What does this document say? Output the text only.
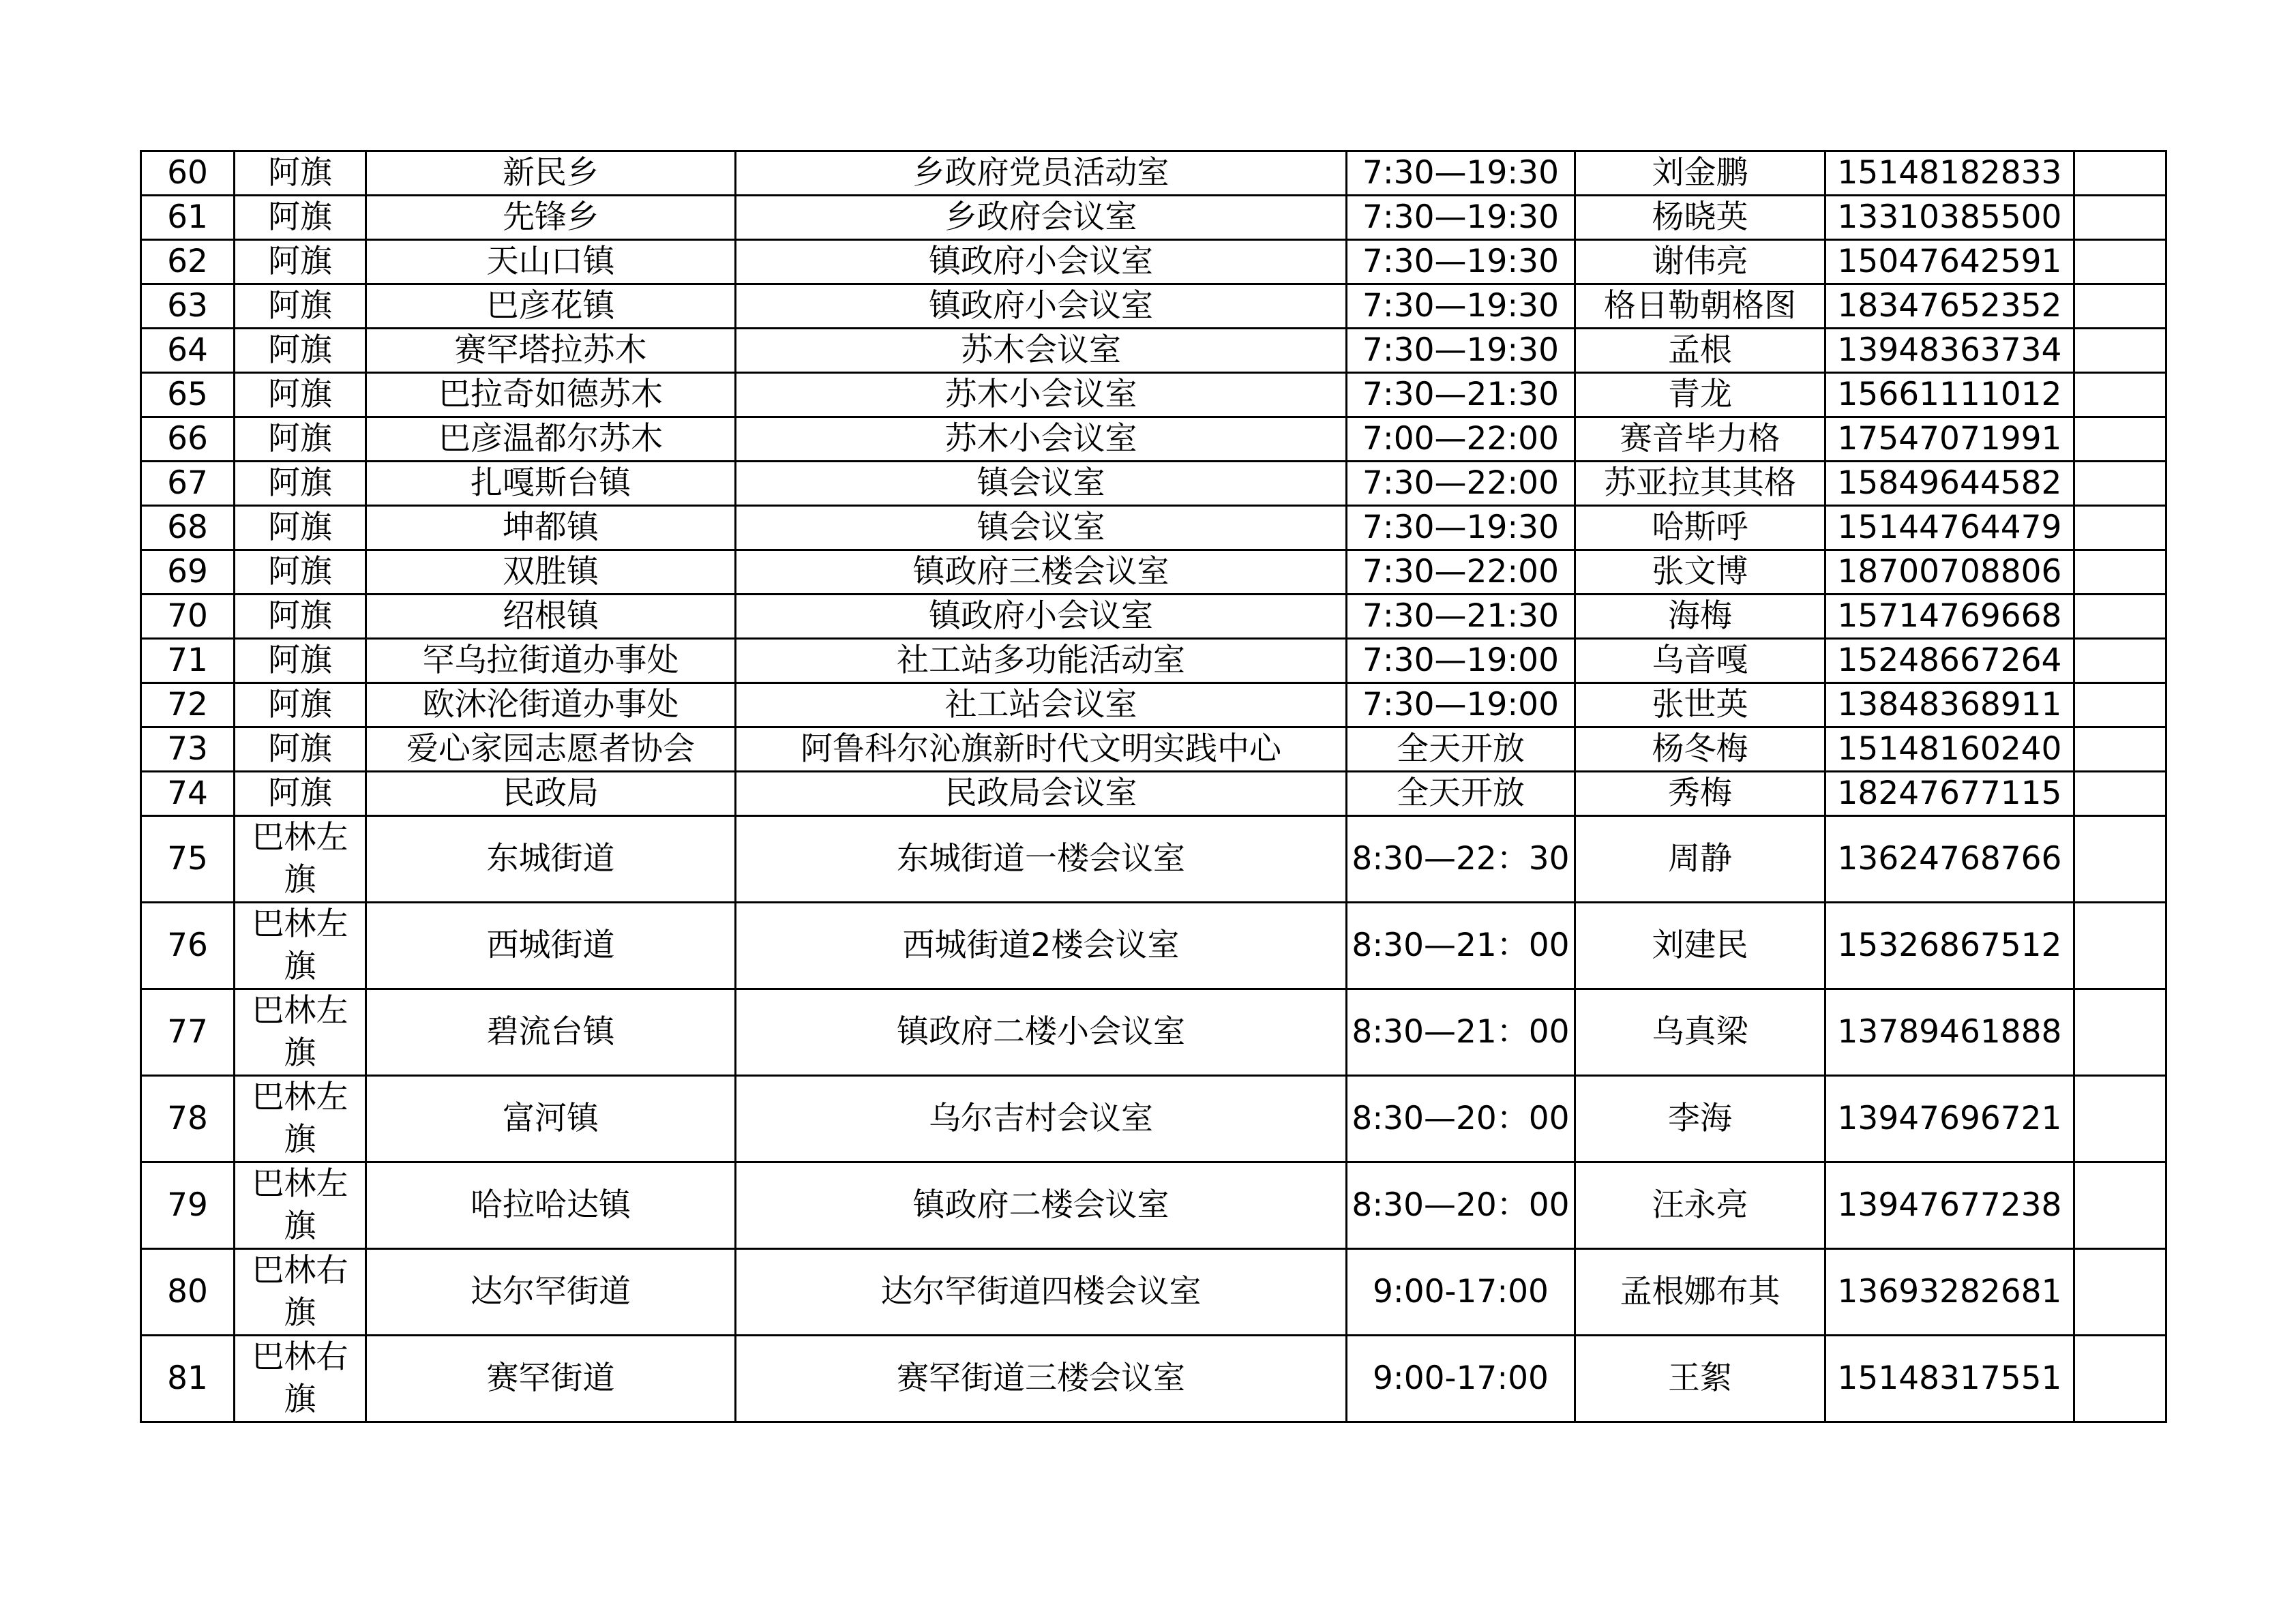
60	阿旗	新民乡	乡政府党员活动室	7:30—19:30	刘金鹏	15148182833	
61	阿旗	先锋乡	乡政府会议室	7:30—19:30	杨晓英	13310385500	
62	阿旗	天山口镇	镇政府小会议室	7:30—19:30	谢伟亮	15047642591	
63	阿旗	巴彦花镇	镇政府小会议室	7:30—19:30	格日勒朝格图	18347652352	
64	阿旗	赛罕塔拉苏木	苏木会议室	7:30—19:30	孟根	13948363734	
65	阿旗	巴拉奇如德苏木	苏木小会议室	7:30—21:30	青龙	15661111012	
66	阿旗	巴彦温都尔苏木	苏木小会议室	7:00—22:00	赛音毕力格	17547071991	
67	阿旗	扎嘎斯台镇	镇会议室	7:30—22:00	苏亚拉其其格	15849644582	
68	阿旗	坤都镇	镇会议室	7:30—19:30	哈斯呼	15144764479	
69	阿旗	双胜镇	镇政府三楼会议室	7:30—22:00	张文博	18700708806	
70	阿旗	绍根镇	镇政府小会议室	7:30—21:30	海梅	15714769668	
71	阿旗	罕乌拉街道办事处	社工站多功能活动室	7:30—19:00	乌音嘎	15248667264	
72	阿旗	欧沐沦街道办事处	社工站会议室	7:30—19:00	张世英	13848368911	
73	阿旗	爱心家园志愿者协会	阿鲁科尔沁旗新时代文明实践中心	全天开放	杨冬梅	15148160240	
74	阿旗	民政局	民政局会议室	全天开放	秀梅	18247677115	
75	巴林左旗	东城街道	东城街道一楼会议室	8:30—22：30	周静	13624768766	
76	巴林左旗	西城街道	西城街道2楼会议室	8:30—21：00	刘建民	15326867512	
77	巴林左旗	碧流台镇	镇政府二楼小会议室	8:30—21：00	乌真梁	13789461888	
78	巴林左旗	富河镇	乌尔吉村会议室	8:30—20：00	李海	13947696721	
79	巴林左旗	哈拉哈达镇	镇政府二楼会议室	8:30—20：00	汪永亮	13947677238	
80	巴林右旗	达尔罕街道	达尔罕街道四楼会议室	9:00-17:00	孟根娜布其	13693282681	
81	巴林右旗	赛罕街道	赛罕街道三楼会议室	9:00-17:00	王絮	15148317551	
